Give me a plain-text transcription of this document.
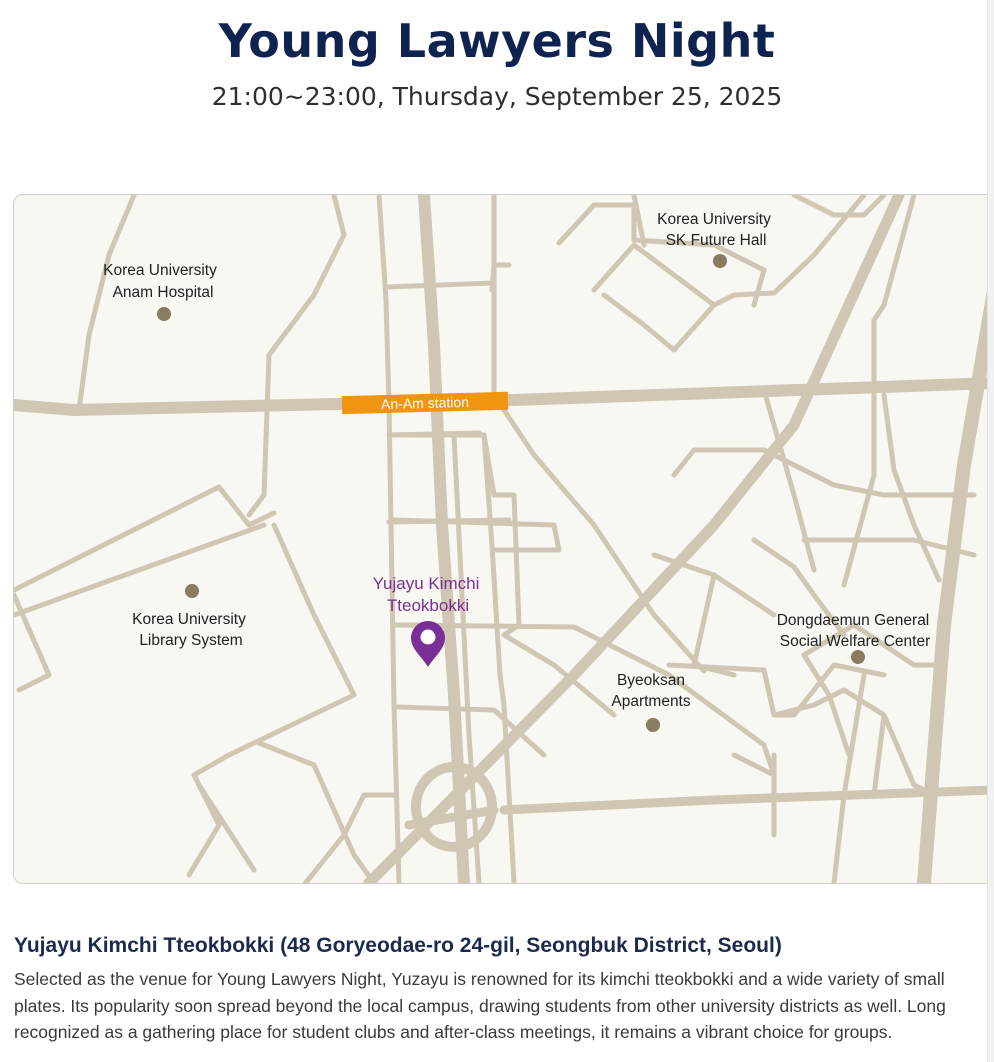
Young Lawyers Night
21:00~23:00, Thursday, September 25, 2025
An-Am station
Korea University
Anam Hospital
Korea University
SK Future Hall
Korea University
Library System
Byeoksan
Apartments
Dongdaemun General
Social Welfare Center
Yujayu Kimchi
Tteokbokki
Yujayu Kimchi Tteokbokki (48 Goryeodae-ro 24-gil, Seongbuk District, Seoul)
Selected as the venue for Young Lawyers Night, Yuzayu is renowned for its kimchi tteokbokki and a wide variety of small plates. Its popularity soon spread beyond the local campus, drawing students from other university districts as well. Long recognized as a gathering place for student clubs and after-class meetings, it remains a vibrant choice for groups.
